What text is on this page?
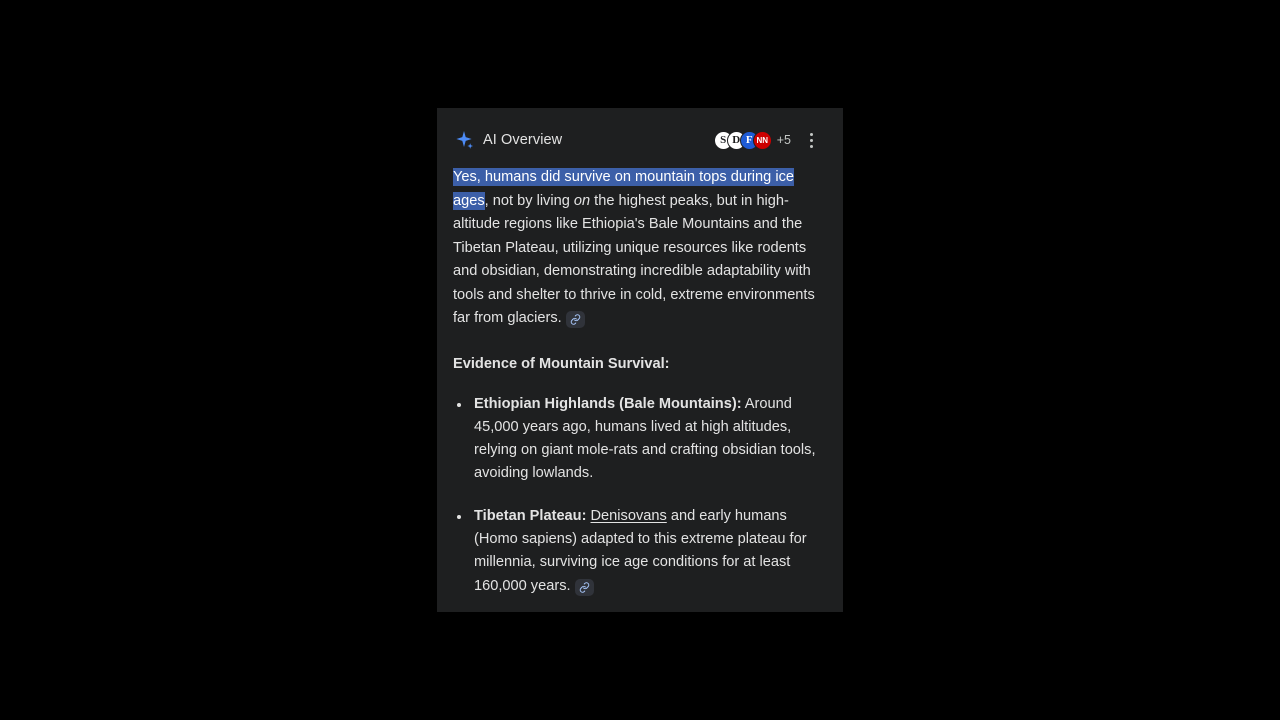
AI Overview	S D F NN +5

Yes, humans did survive on mountain tops during ice ages, not by living on the highest peaks, but in high-altitude regions like Ethiopia's Bale Mountains and the Tibetan Plateau, utilizing unique resources like rodents and obsidian, demonstrating incredible adaptability with tools and shelter to thrive in cold, extreme environments far from glaciers.

Evidence of Mountain Survival:

Ethiopian Highlands (Bale Mountains): Around 45,000 years ago, humans lived at high altitudes, relying on giant mole-rats and crafting obsidian tools, avoiding lowlands.
Tibetan Plateau: Denisovans and early humans (Homo sapiens) adapted to this extreme plateau for millennia, surviving ice age conditions for at least 160,000 years.
